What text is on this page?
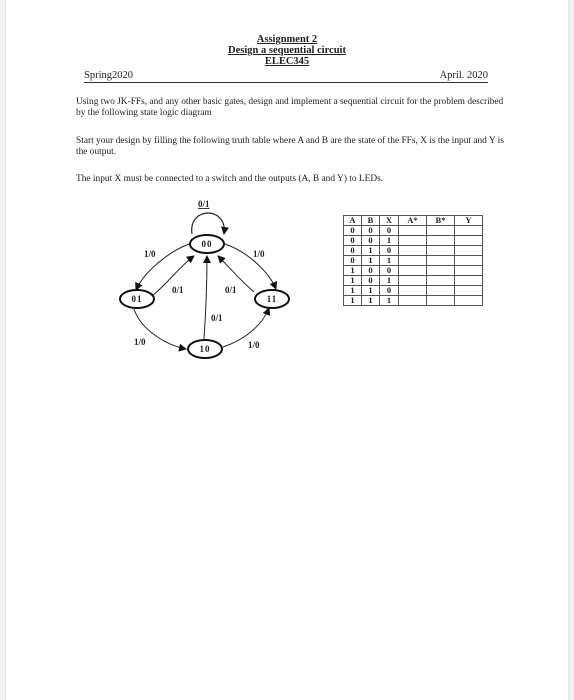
Assignment 2
Design a sequential circuit
ELEC345
Spring2020	April. 2020
Using two JK-FFs, and any other basic gates, design and implement a sequential circuit for the problem described by the following state logic diagram
Start your design by filling the following truth table where A and B are the state of the FFs, X is the input and Y is the output.
The input X must be connected to a switch and the outputs (A, B and Y) to LEDs.
0/1
1/0	1/0
0/1	0/1
0/1
1/0	1/0
00
01	11
10
A	B	X	A*	B*	Y
0	0	0			
0	0	1			
0	1	0			
0	1	1			
1	0	0			
1	0	1			
1	1	0			
1	1	1			
